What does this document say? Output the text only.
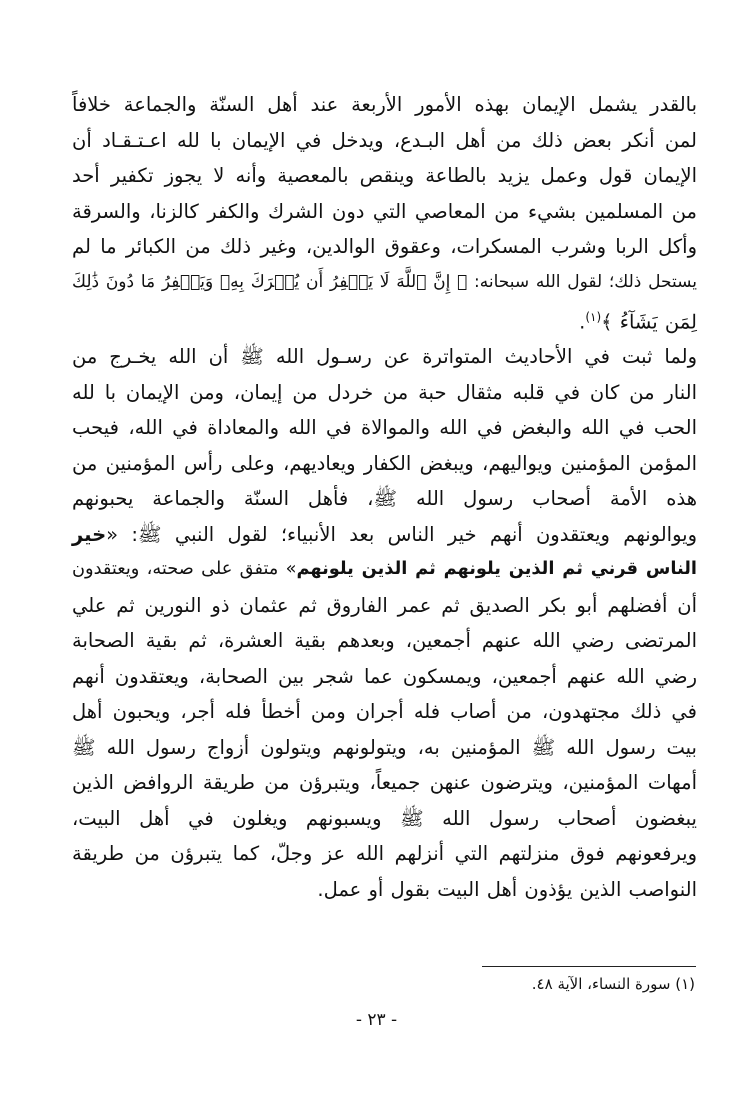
بالقدر يشمل الإيمان بهذه الأمور الأربعة عند أهل السنّة والجماعة خلافاً
لمن أنكر بعض ذلك من أهل البـدع، ويدخل في الإيمان با لله اعـتـقـاد أن
الإيمان قول وعمل يزيد بالطاعة وينقص بالمعصية وأنه لا يجوز تكفير أحد
من المسلمين بشيء من المعاصي التي دون الشرك والكفر كالزنا، والسرقة
وأكل الربا وشرب المسكرات، وعقوق الوالدين، وغير ذلك من الكبائر ما لم
يستحل ذلك؛ لقول الله سبحانه: ﴿ إِنَّ ٱللَّهَ لَا يَغۡفِرُ أَن يُشۡرَكَ بِهِۦ وَيَغۡفِرُ مَا دُونَ ذَٰلِكَ
لِمَن يَشَآءُ ﴾$^{(١)}$.
ولما ثبت في الأحاديث المتواترة عن رسـول الله ﷺ أن الله يخـرج من
النار من كان في قلبه مثقال حبة من خردل من إيمان، ومن الإيمان با لله
الحب في الله والبغض في الله والموالاة في الله والمعاداة في الله، فيحب
المؤمن المؤمنين ويواليهم، ويبغض الكفار ويعاديهم، وعلى رأس المؤمنين من
هذه الأمة أصحاب رسول الله ﷺ، فأهل السنّة والجماعة يحبونهم
ويوالونهم ويعتقدون أنهم خير الناس بعد الأنبياء؛ لقول النبي ﷺ: «خير
الناس قرني ثم الذين يلونهم ثم الذين يلونهم» متفق على صحته، ويعتقدون
أن أفضلهم أبو بكر الصديق ثم عمر الفاروق ثم عثمان ذو النورين ثم علي
المرتضى رضي الله عنهم أجمعين، وبعدهم بقية العشرة، ثم بقية الصحابة
رضي الله عنهم أجمعين، ويمسكون عما شجر بين الصحابة، ويعتقدون أنهم
في ذلك مجتهدون، من أصاب فله أجران ومن أخطأ فله أجر، ويحبون أهل
بيت رسول الله ﷺ المؤمنين به، ويتولونهم ويتولون أزواج رسول الله ﷺ
أمهات المؤمنين، ويترضون عنهن جميعاً، ويتبرؤن من طريقة الروافض الذين
يبغضون أصحاب رسول الله ﷺ ويسبونهم ويغلون في أهل البيت،
ويرفعونهم فوق منزلتهم التي أنزلهم الله عز وجلّ، كما يتبرؤن من طريقة
النواصب الذين يؤذون أهل البيت بقول أو عمل.
(١) سورة النساء، الآية ٤٨.
- ٢٣ -
